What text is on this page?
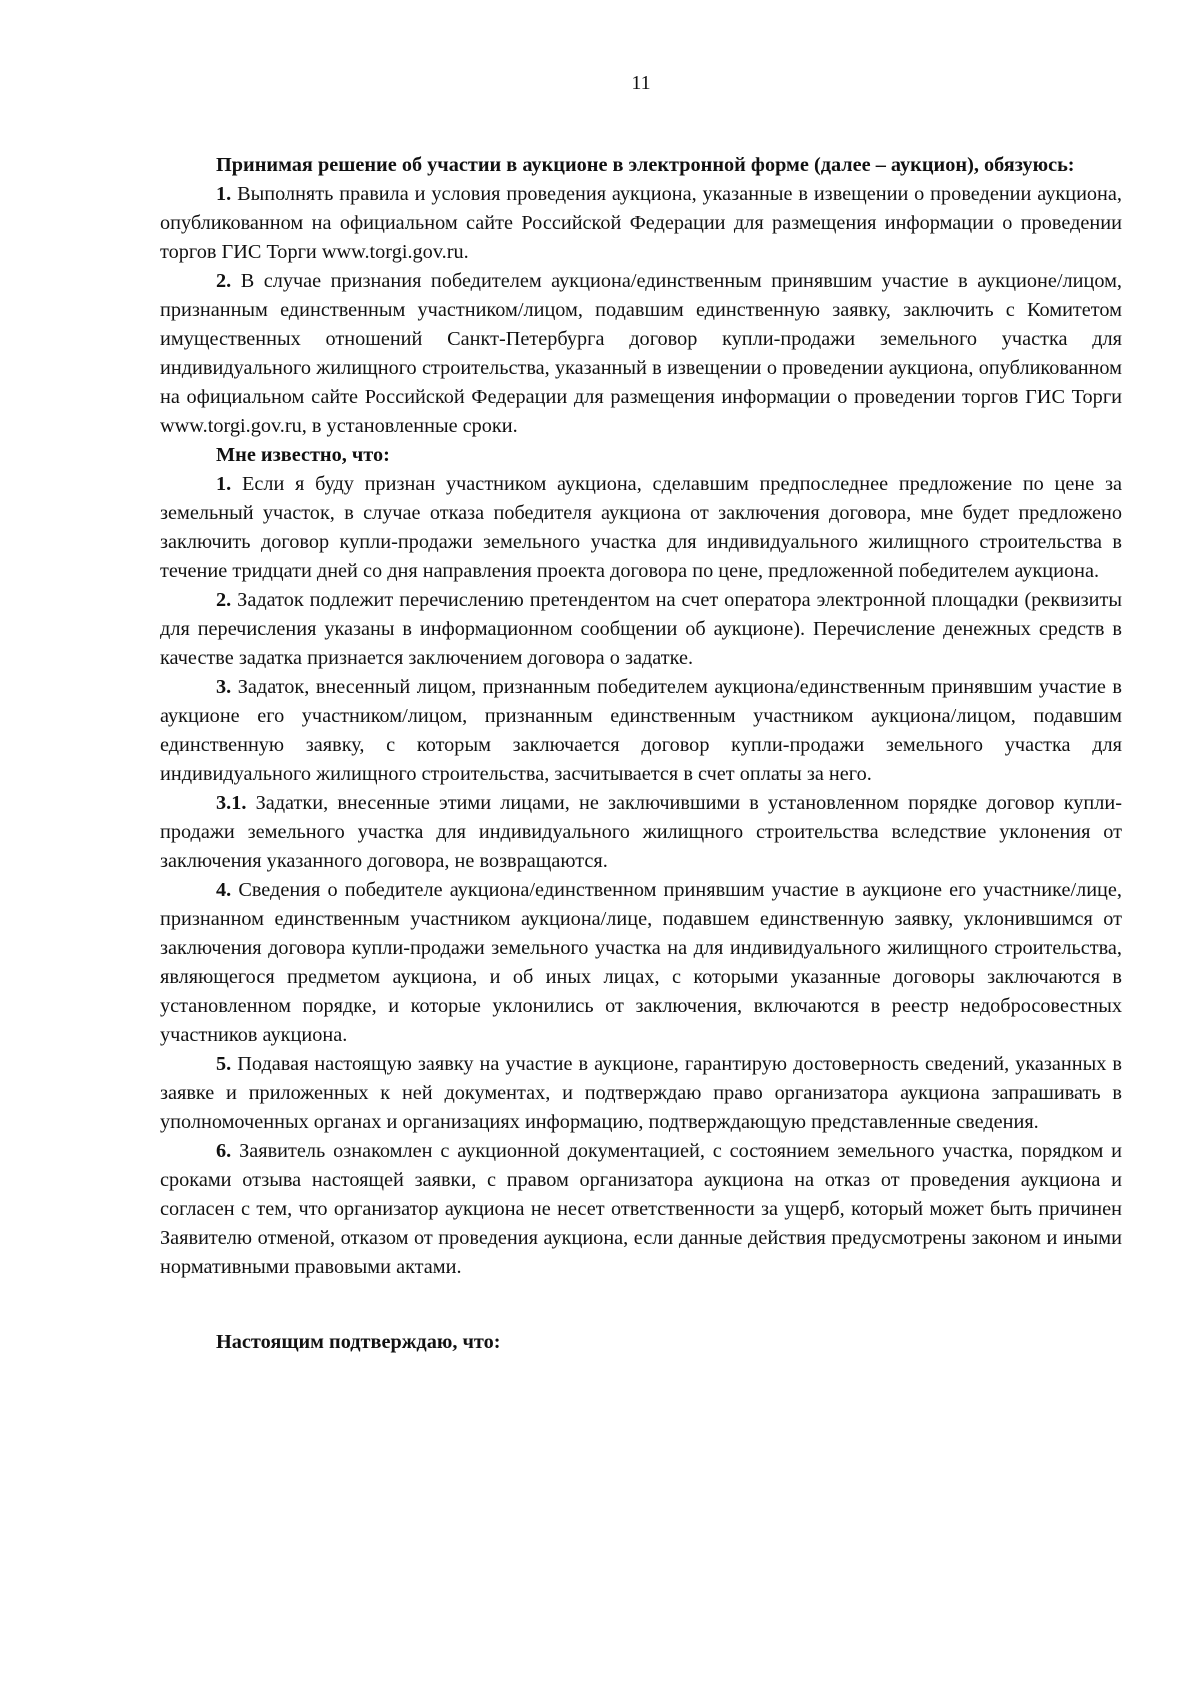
11

Принимая решение об участии в аукционе в электронной форме (далее – аукцион), обязуюсь:

1. Выполнять правила и условия проведения аукциона, указанные в извещении о проведении аукциона, опубликованном на официальном сайте Российской Федерации для размещения информации о проведении торгов ГИС Торги www.torgi.gov.ru.

2. В случае признания победителем аукциона/единственным принявшим участие в аукционе/лицом, признанным единственным участником/лицом, подавшим единственную заявку, заключить с Комитетом имущественных отношений Санкт-Петербурга договор купли-продажи земельного участка для индивидуального жилищного строительства, указанный в извещении о проведении аукциона, опубликованном на официальном сайте Российской Федерации для размещения информации о проведении торгов ГИС Торги www.torgi.gov.ru, в установленные сроки.

Мне известно, что:

1. Если я буду признан участником аукциона, сделавшим предпоследнее предложение по цене за земельный участок, в случае отказа победителя аукциона от заключения договора, мне будет предложено заключить договор купли-продажи земельного участка для индивидуального жилищного строительства в течение тридцати дней со дня направления проекта договора по цене, предложенной победителем аукциона.

2. Задаток подлежит перечислению претендентом на счет оператора электронной площадки (реквизиты для перечисления указаны в информационном сообщении об аукционе). Перечисление денежных средств в качестве задатка признается заключением договора о задатке.

3. Задаток, внесенный лицом, признанным победителем аукциона/единственным принявшим участие в аукционе его участником/лицом, признанным единственным участником аукциона/лицом, подавшим единственную заявку, с которым заключается договор купли-продажи земельного участка для индивидуального жилищного строительства, засчитывается в счет оплаты за него.

3.1. Задатки, внесенные этими лицами, не заключившими в установленном порядке договор купли-продажи земельного участка для индивидуального жилищного строительства вследствие уклонения от заключения указанного договора, не возвращаются.

4. Сведения о победителе аукциона/единственном принявшим участие в аукционе его участнике/лице, признанном единственным участником аукциона/лице, подавшем единственную заявку, уклонившимся от заключения договора купли-продажи земельного участка на для индивидуального жилищного строительства, являющегося предметом аукциона, и об иных лицах, с которыми указанные договоры заключаются в установленном порядке, и которые уклонились от заключения, включаются в реестр недобросовестных участников аукциона.

5. Подавая настоящую заявку на участие в аукционе, гарантирую достоверность сведений, указанных в заявке и приложенных к ней документах, и подтверждаю право организатора аукциона запрашивать в уполномоченных органах и организациях информацию, подтверждающую представленные сведения.

6. Заявитель ознакомлен с аукционной документацией, с состоянием земельного участка, порядком и сроками отзыва настоящей заявки, с правом организатора аукциона на отказ от проведения аукциона и согласен с тем, что организатор аукциона не несет ответственности за ущерб, который может быть причинен Заявителю отменой, отказом от проведения аукциона, если данные действия предусмотрены законом и иными нормативными правовыми актами.

Настоящим подтверждаю, что:
